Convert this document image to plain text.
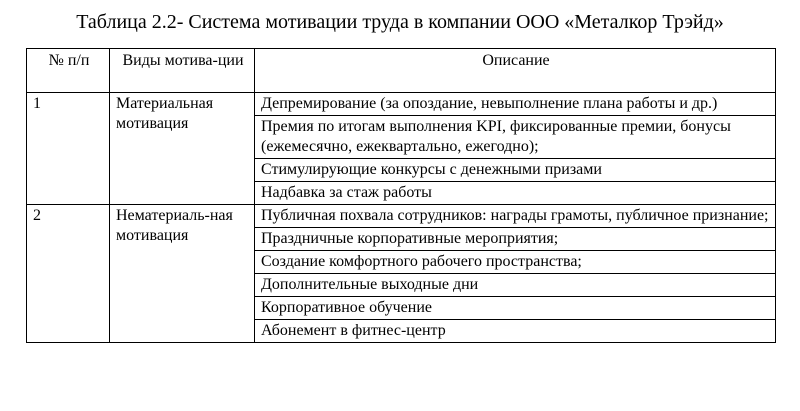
Таблица 2.2- Система мотивации труда в компании ООО «Металкор Трэйд»
№ п/п	Виды мотива-ции	Описание
1	Материальная мотивация	Депремирование (за опоздание, невыполнение плана работы и др.)
		Премия по итогам выполнения KPI, фиксированные премии, бонусы (ежемесячно, ежеквартально, ежегодно);
		Стимулирующие конкурсы с денежными призами
		Надбавка за стаж работы
2	Нематериаль-ная мотивация	Публичная похвала сотрудников: награды грамоты, публичное признание;
		Праздничные корпоративные мероприятия;
		Создание комфортного рабочего пространства;
		Дополнительные выходные дни
		Корпоративное обучение
		Абонемент в фитнес-центр
